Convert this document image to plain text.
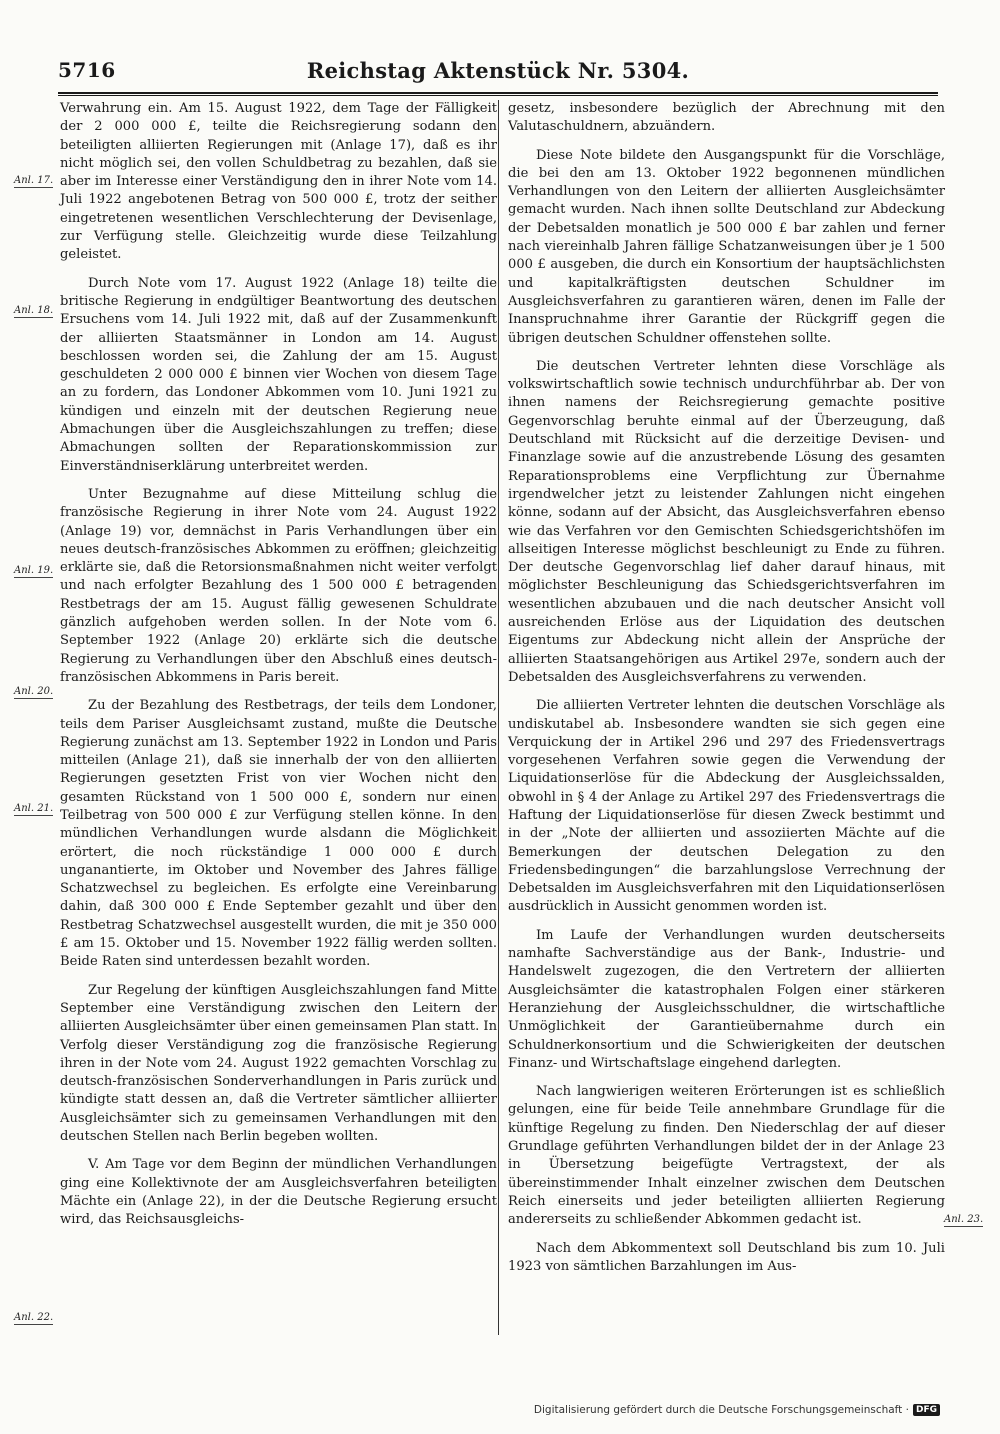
5716	Reichstag Aktenstück Nr. 5304.

Verwahrung ein. Am 15. August 1922, dem Tage der Fälligkeit der 2 000 000 £, teilte die Reichsregierung sodann den beteiligten alliierten Regierungen mit (Anlage 17), daß es ihr nicht möglich sei, den vollen Schuldbetrag zu bezahlen, daß sie aber im Interesse einer Verständigung den in ihrer Note vom 14. Juli 1922 angebotenen Betrag von 500 000 £, trotz der seither eingetretenen wesentlichen Verschlechterung der Devisenlage, zur Verfügung stelle. Gleichzeitig wurde diese Teilzahlung geleistet.

Durch Note vom 17. August 1922 (Anlage 18) teilte die britische Regierung in endgültiger Beantwortung des deutschen Ersuchens vom 14. Juli 1922 mit, daß auf der Zusammenkunft der alliierten Staatsmänner in London am 14. August beschlossen worden sei, die Zahlung der am 15. August geschuldeten 2 000 000 £ binnen vier Wochen von diesem Tage an zu fordern, das Londoner Abkommen vom 10. Juni 1921 zu kündigen und einzeln mit der deutschen Regierung neue Abmachungen über die Ausgleichszahlungen zu treffen; diese Abmachungen sollten der Reparationskommission zur Einverständniserklärung unterbreitet werden.

Unter Bezugnahme auf diese Mitteilung schlug die französische Regierung in ihrer Note vom 24. August 1922 (Anlage 19) vor, demnächst in Paris Verhandlungen über ein neues deutsch-französisches Abkommen zu eröffnen; gleichzeitig erklärte sie, daß die Retorsionsmaßnahmen nicht weiter verfolgt und nach erfolgter Bezahlung des 1 500 000 £ betragenden Restbetrags der am 15. August fällig gewesenen Schuldrate gänzlich aufgehoben werden sollen. In der Note vom 6. September 1922 (Anlage 20) erklärte sich die deutsche Regierung zu Verhandlungen über den Abschluß eines deutsch-französischen Abkommens in Paris bereit.

Zu der Bezahlung des Restbetrags, der teils dem Londoner, teils dem Pariser Ausgleichsamt zustand, mußte die Deutsche Regierung zunächst am 13. September 1922 in London und Paris mitteilen (Anlage 21), daß sie innerhalb der von den alliierten Regierungen gesetzten Frist von vier Wochen nicht den gesamten Rückstand von 1 500 000 £, sondern nur einen Teilbetrag von 500 000 £ zur Verfügung stellen könne. In den mündlichen Verhandlungen wurde alsdann die Möglichkeit erörtert, die noch rückständige 1 000 000 £ durch unganantierte, im Oktober und November des Jahres fällige Schatzwechsel zu begleichen. Es erfolgte eine Vereinbarung dahin, daß 300 000 £ Ende September gezahlt und über den Restbetrag Schatzwechsel ausgestellt wurden, die mit je 350 000 £ am 15. Oktober und 15. November 1922 fällig werden sollten. Beide Raten sind unterdessen bezahlt worden.

Zur Regelung der künftigen Ausgleichszahlungen fand Mitte September eine Verständigung zwischen den Leitern der alliierten Ausgleichsämter über einen gemeinsamen Plan statt. In Verfolg dieser Verständigung zog die französische Regierung ihren in der Note vom 24. August 1922 gemachten Vorschlag zu deutsch-französischen Sonderverhandlungen in Paris zurück und kündigte statt dessen an, daß die Vertreter sämtlicher alliierter Ausgleichsämter sich zu gemeinsamen Verhandlungen mit den deutschen Stellen nach Berlin begeben wollten.

V. Am Tage vor dem Beginn der mündlichen Verhandlungen ging eine Kollektivnote der am Ausgleichsverfahren beteiligten Mächte ein (Anlage 22), in der die Deutsche Regierung ersucht wird, das Reichsausgleichs-

gesetz, insbesondere bezüglich der Abrechnung mit den Valutaschuldnern, abzuändern.

Diese Note bildete den Ausgangspunkt für die Vorschläge, die bei den am 13. Oktober 1922 begonnenen mündlichen Verhandlungen von den Leitern der alliierten Ausgleichsämter gemacht wurden. Nach ihnen sollte Deutschland zur Abdeckung der Debetsalden monatlich je 500 000 £ bar zahlen und ferner nach viereinhalb Jahren fällige Schatzanweisungen über je 1 500 000 £ ausgeben, die durch ein Konsortium der hauptsächlichsten und kapitalkräftigsten deutschen Schuldner im Ausgleichsverfahren zu garantieren wären, denen im Falle der Inanspruchnahme ihrer Garantie der Rückgriff gegen die übrigen deutschen Schuldner offenstehen sollte.

Die deutschen Vertreter lehnten diese Vorschläge als volkswirtschaftlich sowie technisch undurchführbar ab. Der von ihnen namens der Reichsregierung gemachte positive Gegenvorschlag beruhte einmal auf der Überzeugung, daß Deutschland mit Rücksicht auf die derzeitige Devisen- und Finanzlage sowie auf die anzustrebende Lösung des gesamten Reparationsproblems eine Verpflichtung zur Übernahme irgendwelcher jetzt zu leistender Zahlungen nicht eingehen könne, sodann auf der Absicht, das Ausgleichsverfahren ebenso wie das Verfahren vor den Gemischten Schiedsgerichtshöfen im allseitigen Interesse möglichst beschleunigt zu Ende zu führen. Der deutsche Gegenvorschlag lief daher darauf hinaus, mit möglichster Beschleunigung das Schiedsgerichtsverfahren im wesentlichen abzubauen und die nach deutscher Ansicht voll ausreichenden Erlöse aus der Liquidation des deutschen Eigentums zur Abdeckung nicht allein der Ansprüche der alliierten Staatsangehörigen aus Artikel 297e, sondern auch der Debetsalden des Ausgleichsverfahrens zu verwenden.

Die alliierten Vertreter lehnten die deutschen Vorschläge als undiskutabel ab. Insbesondere wandten sie sich gegen eine Verquickung der in Artikel 296 und 297 des Friedensvertrags vorgesehenen Verfahren sowie gegen die Verwendung der Liquidationserlöse für die Abdeckung der Ausgleichssalden, obwohl in § 4 der Anlage zu Artikel 297 des Friedensvertrags die Haftung der Liquidationserlöse für diesen Zweck bestimmt und in der „Note der alliierten und assoziierten Mächte auf die Bemerkungen der deutschen Delegation zu den Friedensbedingungen“ die barzahlungslose Verrechnung der Debetsalden im Ausgleichsverfahren mit den Liquidationserlösen ausdrücklich in Aussicht genommen worden ist.

Im Laufe der Verhandlungen wurden deutscherseits namhafte Sachverständige aus der Bank-, Industrie- und Handelswelt zugezogen, die den Vertretern der alliierten Ausgleichsämter die katastrophalen Folgen einer stärkeren Heranziehung der Ausgleichsschuldner, die wirtschaftliche Unmöglichkeit der Garantieübernahme durch ein Schuldnerkonsortium und die Schwierigkeiten der deutschen Finanz- und Wirtschaftslage eingehend darlegten.

Nach langwierigen weiteren Erörterungen ist es schließlich gelungen, eine für beide Teile annehmbare Grundlage für die künftige Regelung zu finden. Den Niederschlag der auf dieser Grundlage geführten Verhandlungen bildet der in der Anlage 23 in Übersetzung beigefügte Vertragstext, der als übereinstimmender Inhalt einzelner zwischen dem Deutschen Reich einerseits und jeder beteiligten alliierten Regierung andererseits zu schließender Abkommen gedacht ist.

Nach dem Abkommentext soll Deutschland bis zum 10. Juli 1923 von sämtlichen Barzahlungen im Aus-

Anl. 17.
Anl. 18.
Anl. 19.
Anl. 20.
Anl. 21.
Anl. 22.
Anl. 23.
Digitalisierung gefördert durch die Deutsche Forschungsgemeinschaft · DFG
